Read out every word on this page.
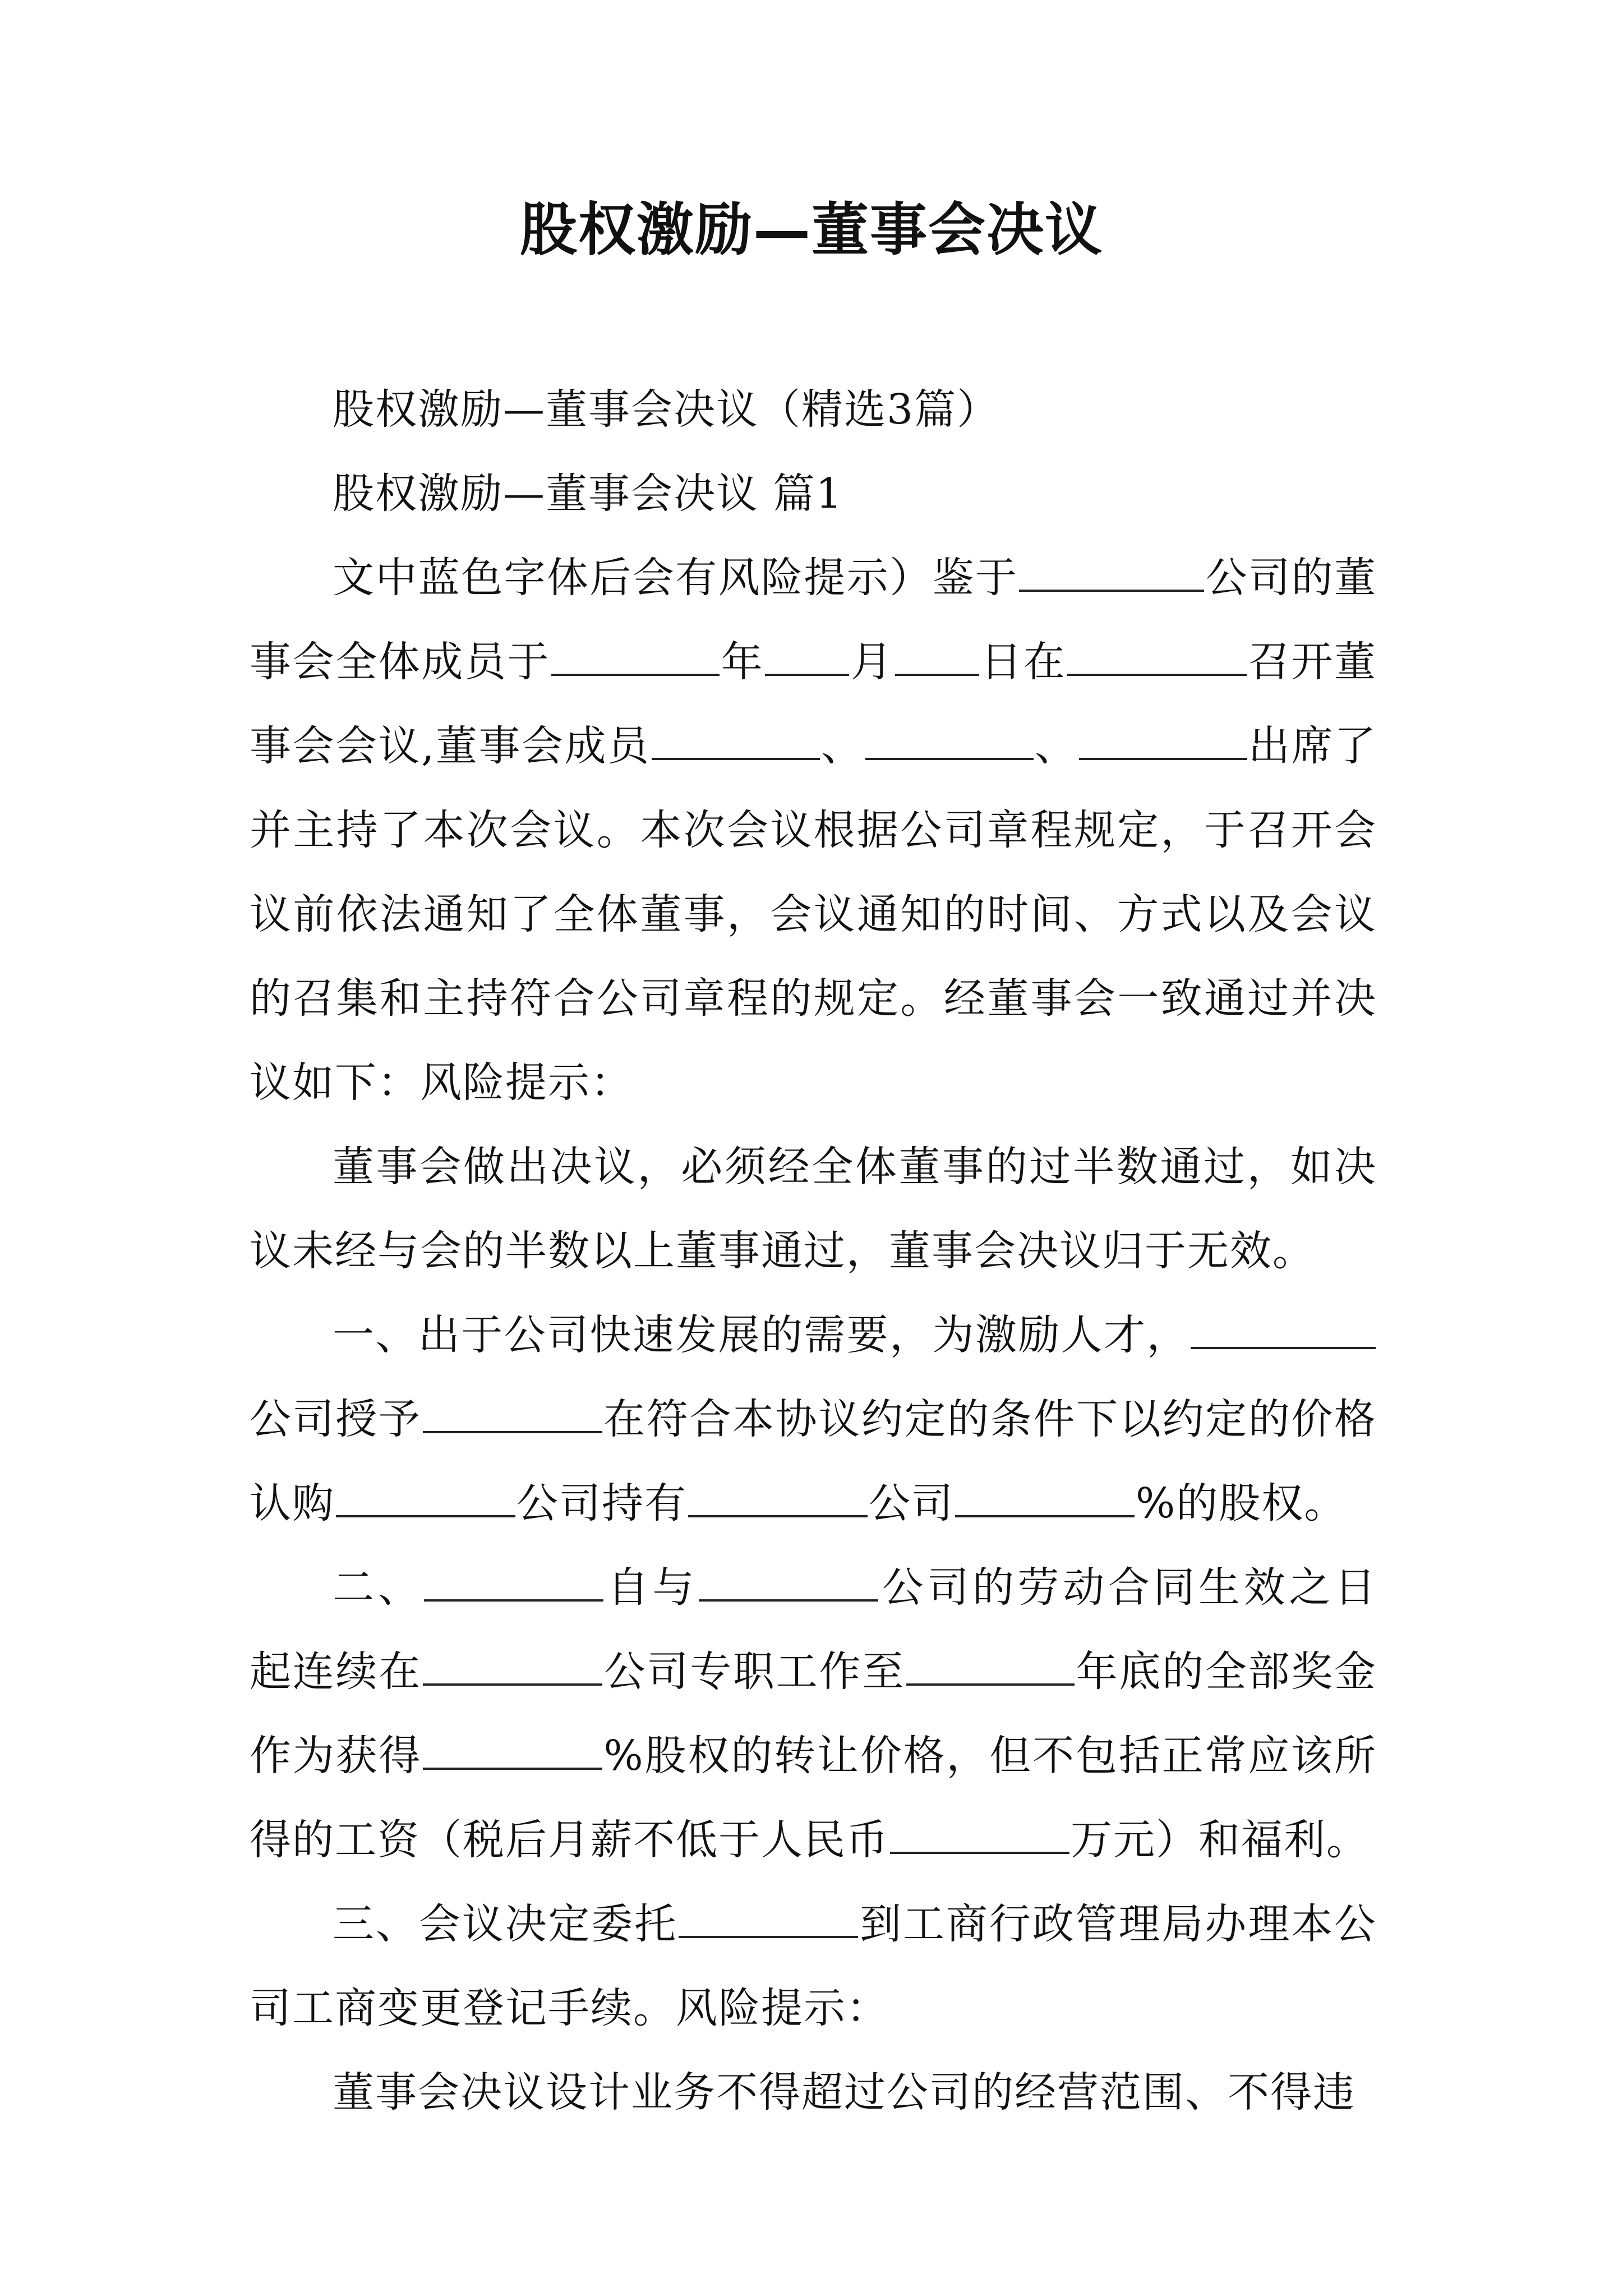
股权激励—董事会决议

股权激励—董事会决议（精选3篇）

股权激励—董事会决议 篇1

文中蓝色字体后会有风险提示）鉴于	公司的董事会全体成员于	年 月 日在	召开董事会会议,董事会成员	、	、	出席了并主持了本次会议。本次会议根据公司章程规定，于召开会议前依法通知了全体董事，会议通知的时间、方式以及会议的召集和主持符合公司章程的规定。经董事会一致通过并决议如下：风险提示：

董事会做出决议，必须经全体董事的过半数通过，如决议未经与会的半数以上董事通过，董事会决议归于无效。

一、出于公司快速发展的需要，为激励人才，公司授予	在符合本协议约定的条件下以约定的价格认购	公司持有	公司	%的股权。

二、	自与	公司的劳动合同生效之日起连续在	公司专职工作至	年底的全部奖金作为获得	%股权的转让价格，但不包括正常应该所得的工资（税后月薪不低于人民币	万元）和福利。

三、会议决定委托	到工商行政管理局办理本公司工商变更登记手续。风险提示：

董事会决议设计业务不得超过公司的经营范围、不得违
